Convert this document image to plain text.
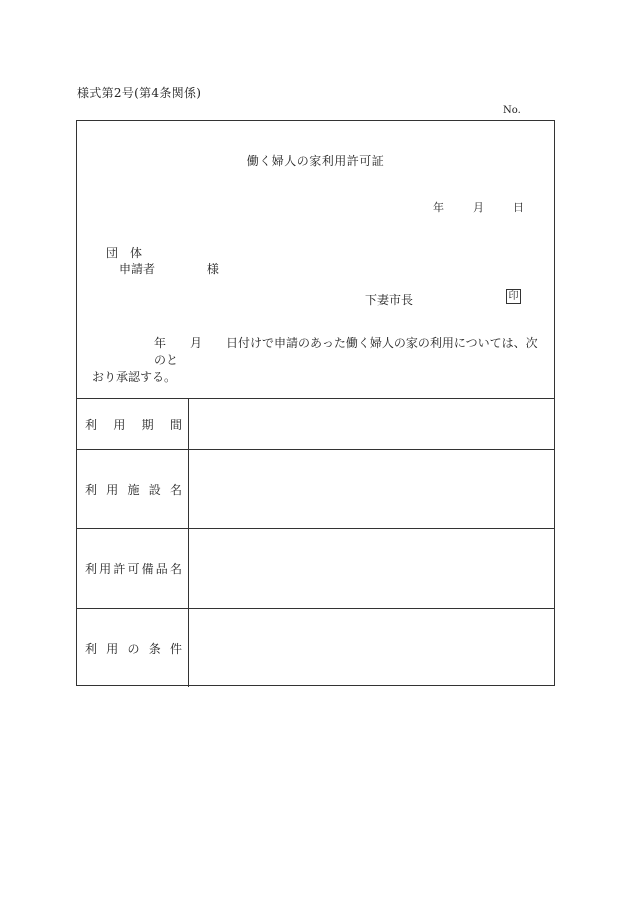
様式第2号(第4条関係)
No.
働く婦人の家利用許可証
年	月	日
団　体
申請者	様
下妻市長	印
年　　月　　日付けで申請のあった働く婦人の家の利用については、次のと
おり承認する。
利 用 期 間
利 用 施 設 名
利 用 許 可 備 品 名
利 用 の 条 件
